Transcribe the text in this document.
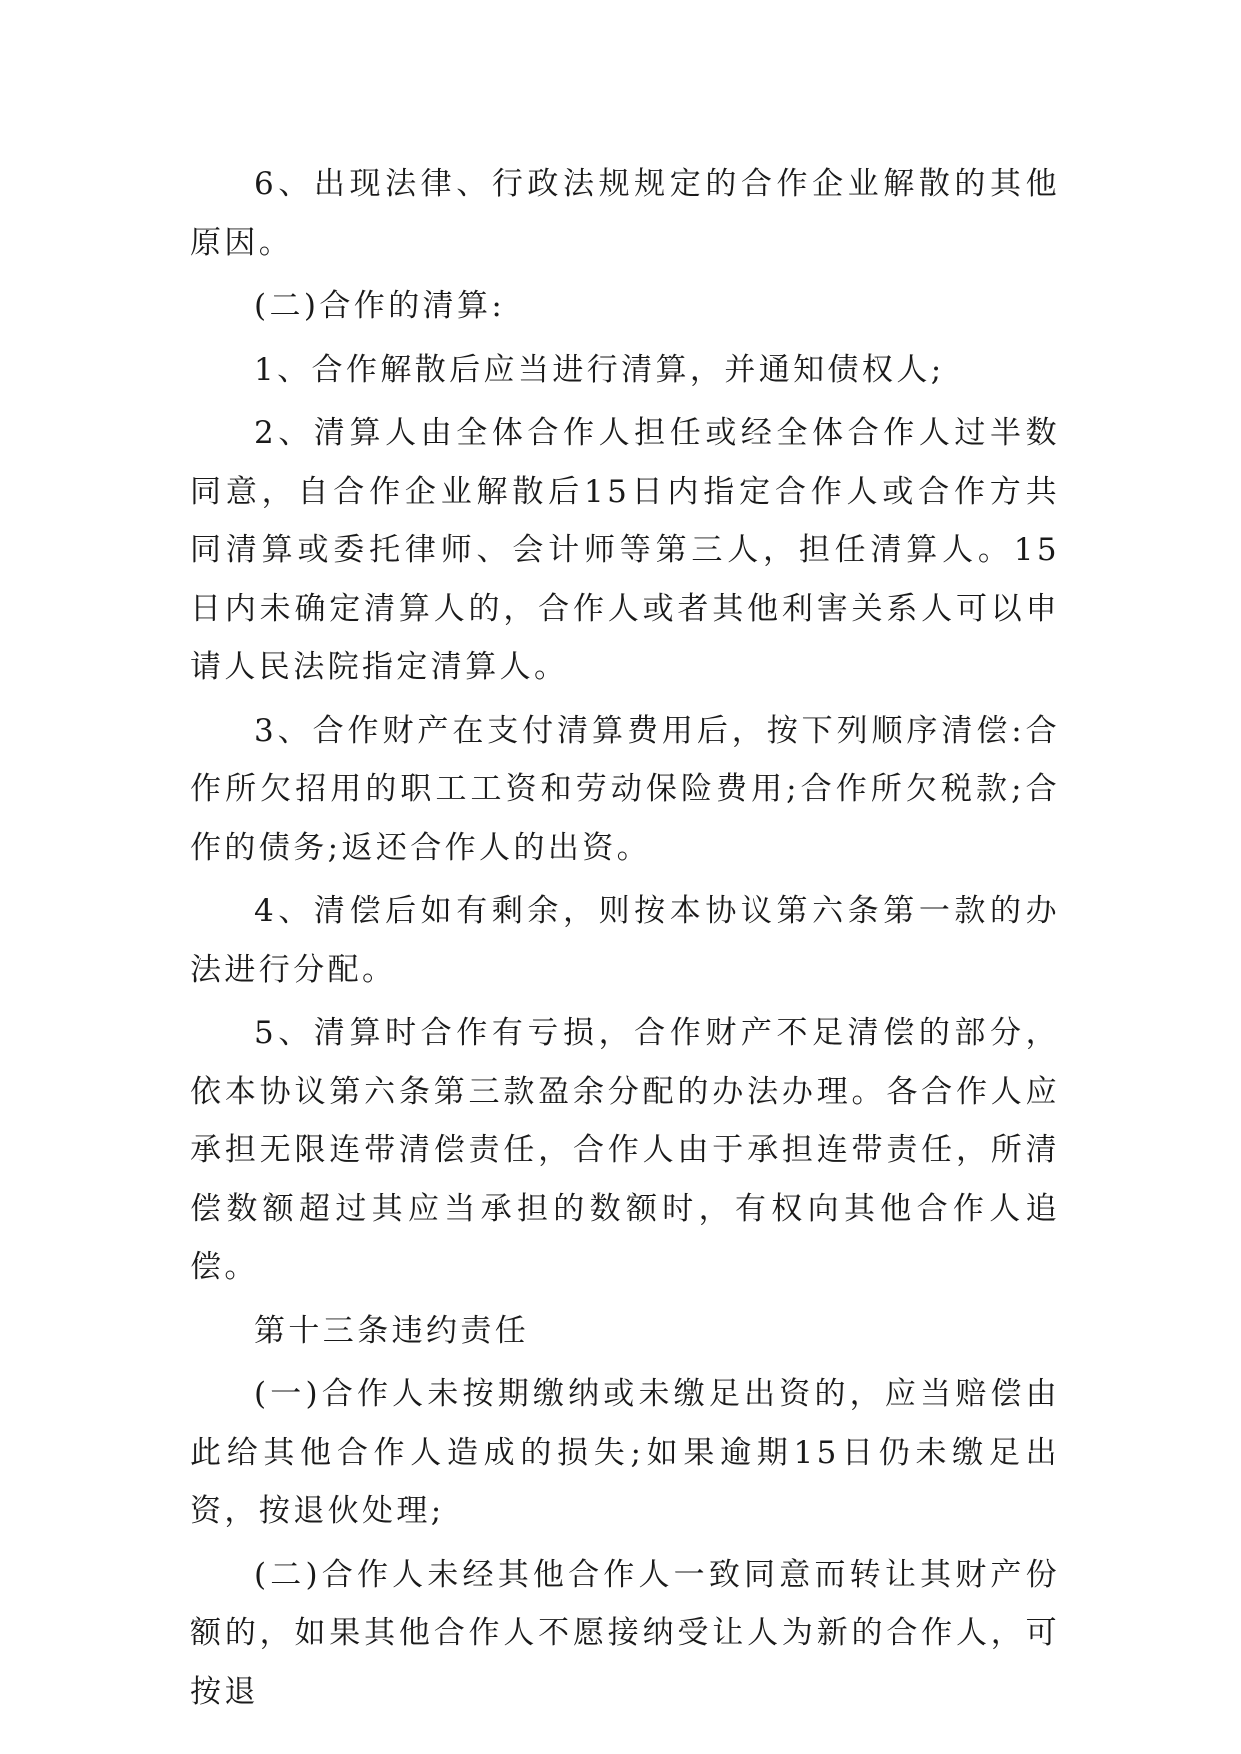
6、出现法律、行政法规规定的合作企业解散的其他原因。

(二)合作的清算:

1、合作解散后应当进行清算，并通知债权人;

2、清算人由全体合作人担任或经全体合作人过半数同意，自合作企业解散后15日内指定合作人或合作方共同清算或委托律师、会计师等第三人，担任清算人。15日内未确定清算人的，合作人或者其他利害关系人可以申请人民法院指定清算人。

3、合作财产在支付清算费用后，按下列顺序清偿:合作所欠招用的职工工资和劳动保险费用;合作所欠税款;合作的债务;返还合作人的出资。

4、清偿后如有剩余，则按本协议第六条第一款的办法进行分配。

5、清算时合作有亏损，合作财产不足清偿的部分，依本协议第六条第三款盈余分配的办法办理。各合作人应承担无限连带清偿责任，合作人由于承担连带责任，所清偿数额超过其应当承担的数额时，有权向其他合作人追偿。

第十三条违约责任

(一)合作人未按期缴纳或未缴足出资的，应当赔偿由此给其他合作人造成的损失;如果逾期15日仍未缴足出资，按退伙处理;

(二)合作人未经其他合作人一致同意而转让其财产份额的，如果其他合作人不愿接纳受让人为新的合作人，可按退
